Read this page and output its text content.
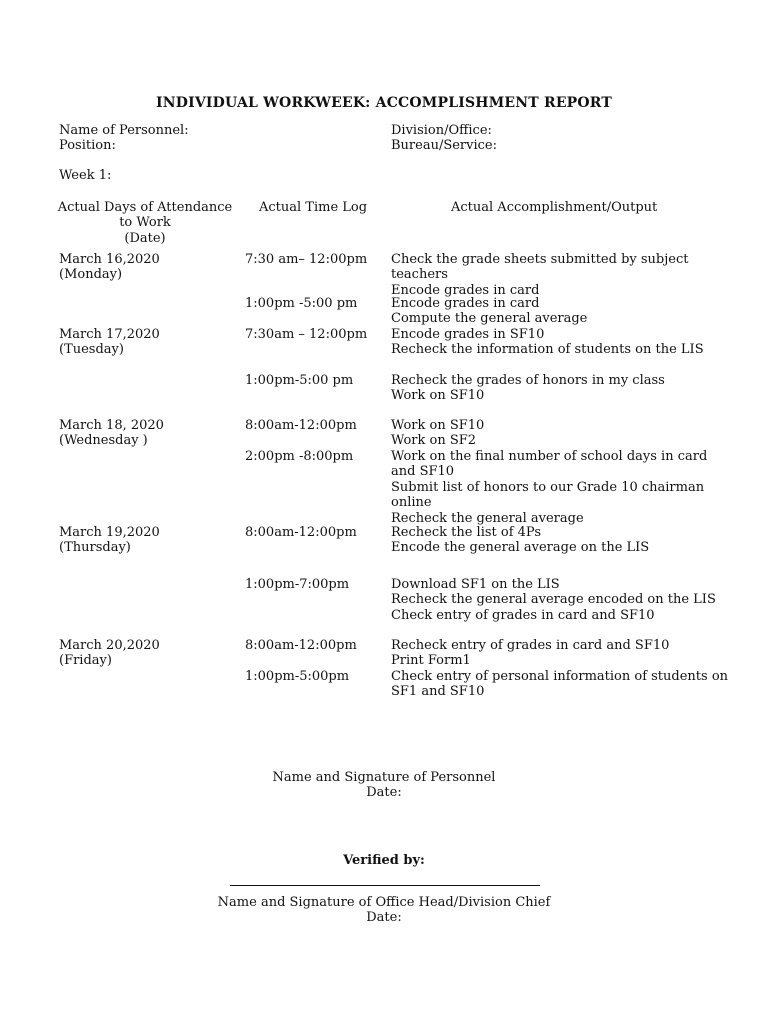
INDIVIDUAL WORKWEEK: ACCOMPLISHMENT REPORT
Name of Personnel:
Position:
Division/Office:
Bureau/Service:
Week 1:
Actual Days of Attendance
to Work
(Date)
Actual Time Log	Actual Accomplishment/Output
March 16,2020
(Monday)
7:30 am– 12:00pm Check the grade sheets submitted by subject
teachers
Encode grades in card
1:00pm -5:00 pm	Encode grades in card
Compute the general average
March 17,2020
(Tuesday)
7:30am – 12:00pm Encode grades in SF10
Recheck the information of students on the LIS
1:00pm-5:00 pm	Recheck the grades of honors in my class
Work on SF10
March 18, 2020
(Wednesday )
8:00am-12:00pm	Work on SF10
Work on SF2
2:00pm -8:00pm	Work on the final number of school days in card
and SF10
Submit list of honors to our Grade 10 chairman
online
Recheck the general average
March 19,2020
(Thursday)
8:00am-12:00pm	Recheck the list of 4Ps
Encode the general average on the LIS
1:00pm-7:00pm	Download SF1 on the LIS
Recheck the general average encoded on the LIS
Check entry of grades in card and SF10
March 20,2020
(Friday)
8:00am-12:00pm	Recheck entry of grades in card and SF10
Print Form1
1:00pm-5:00pm	Check entry of personal information of students on
SF1 and SF10
Name and Signature of Personnel
Date:
Verified by:
Name and Signature of Office Head/Division Chief
Date:
